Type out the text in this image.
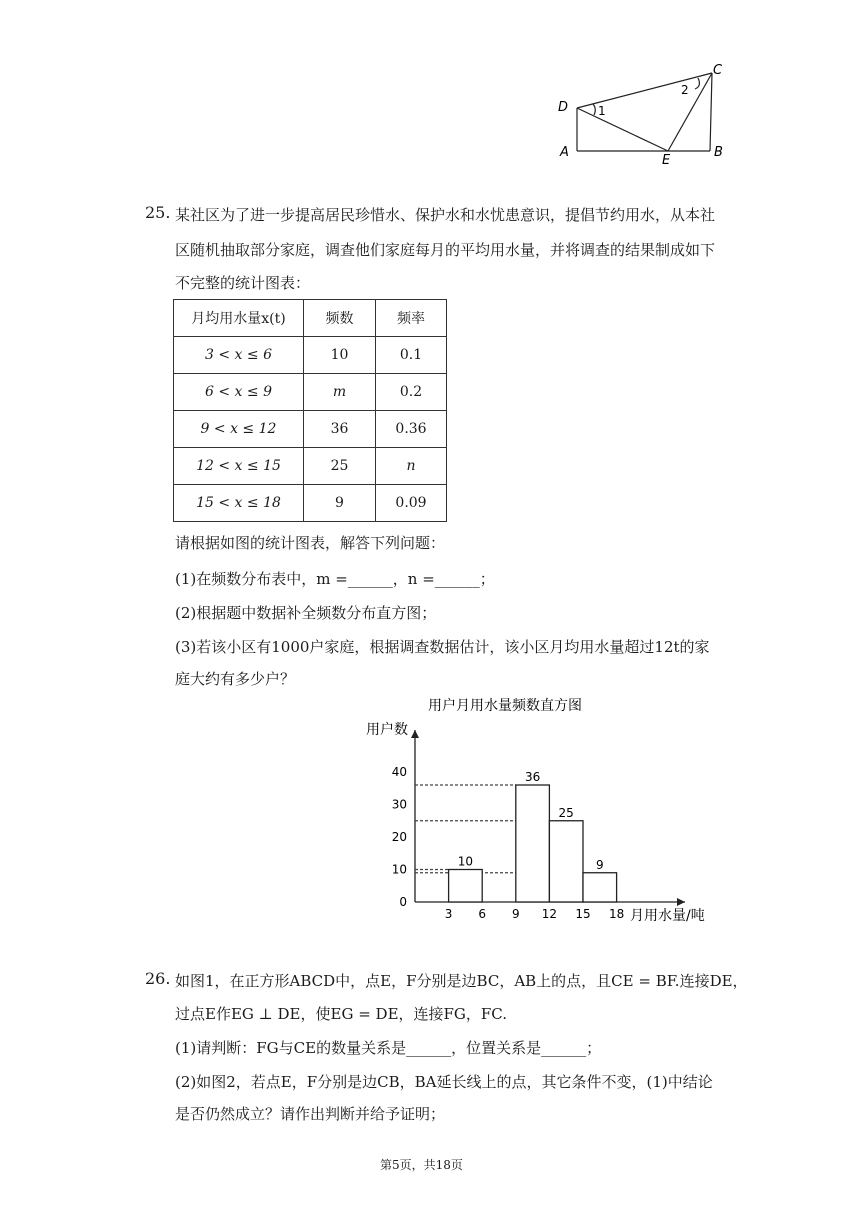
D
C
A
E
B
1
2
25. 某社区为了进一步提高居民珍惜水、保护水和水忧患意识，提倡节约用水，从本社
区随机抽取部分家庭，调查他们家庭每月的平均用水量，并将调查的结果制成如下
不完整的统计图表：
月均用水量x(t)	频数	频率
3 < x ≤ 6	10	0.1
6 < x ≤ 9	m	0.2
9 < x ≤ 12	36	0.36
12 < x ≤ 15	25	n
15 < x ≤ 18	9	0.09
请根据如图的统计图表，解答下列问题：
(1)在频数分布表中，m =______，n =______；
(2)根据题中数据补全频数分布直方图；
(3)若该小区有1000户家庭，根据调查数据估计，该小区月均用水量超过12t的家
庭大约有多少户？
用户月用水量频数直方图
用户数
月用水量/吨
10
36
25
9
0
10
20
30
40
3 6 9 12 15 18
26. 如图1，在正方形ABCD中，点E，F分别是边BC，AB上的点，且CE = BF.连接DE，
过点E作EG ⊥ DE，使EG = DE，连接FG，FC.
(1)请判断：FG与CE的数量关系是______，位置关系是______；
(2)如图2，若点E，F分别是边CB，BA延长线上的点，其它条件不变，(1)中结论
是否仍然成立？请作出判断并给予证明；
第5页，共18页
